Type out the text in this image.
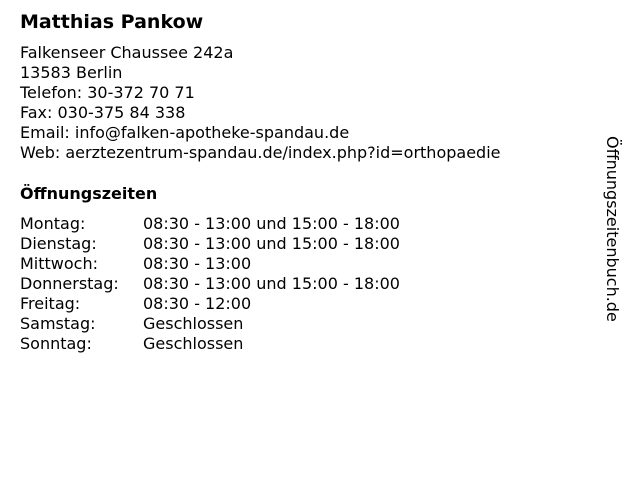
Matthias Pankow
Falkenseer Chaussee 242a
13583 Berlin
Telefon: 30-372 70 71
Fax: 030-375 84 338
Email: info@falken-apotheke-spandau.de
Web: aerztezentrum-spandau.de/index.php?id=orthopaedie
Öffnungszeiten
Montag:	08:30 - 13:00 und 15:00 - 18:00
Dienstag:	08:30 - 13:00 und 15:00 - 18:00
Mittwoch:	08:30 - 13:00
Donnerstag:	08:30 - 13:00 und 15:00 - 18:00
Freitag:	08:30 - 12:00
Samstag:	Geschlossen
Sonntag:	Geschlossen
Öffnungszeitenbuch.de
